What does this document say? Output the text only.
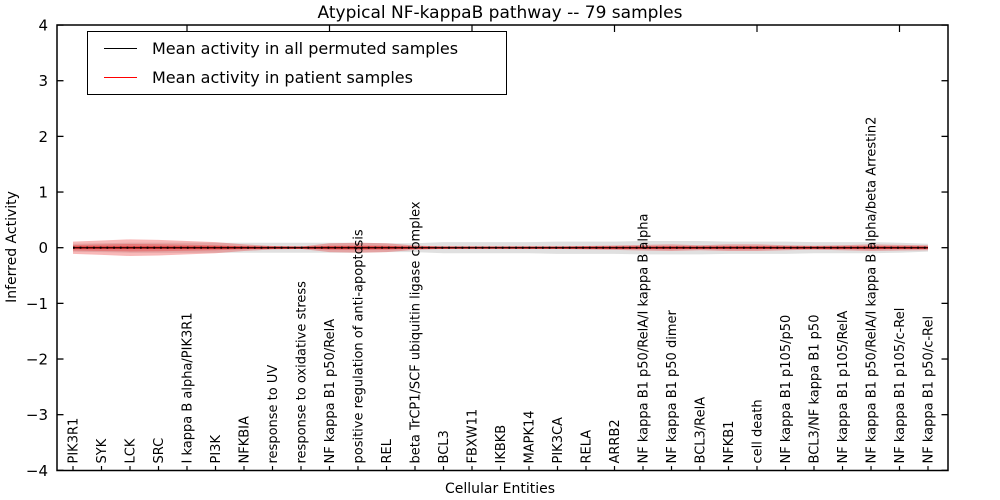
Atypical NF-kappaB pathway -- 79 samples
Inferred Activity
Cellular Entities
4
3
2
1
0
−1
−2
−3
−4
PIK3R1 SYK LCK SRC I kappa B alpha/PIK3R1 PI3K NFKBIA response to UV response to oxidative stress NF kappa B1 p50/RelA positive regulation of anti-apoptosis REL beta TrCP1/SCF ubiquitin ligase complex BCL3 FBXW11 IKBKB MAPK14 PIK3CA RELA ARRB2 NF kappa B1 p50/RelA/I kappa B alpha NF kappa B1 p50 dimer BCL3/RelA NFKB1 cell death NF kappa B1 p105/p50 BCL3/NF kappa B1 p50 NF kappa B1 p105/RelA NF kappa B1 p50/RelA/I kappa B alpha/beta Arrestin2 NF kappa B1 p105/c-Rel NF kappa B1 p50/c-Rel
Mean activity in all permuted samples
Mean activity in patient samples
